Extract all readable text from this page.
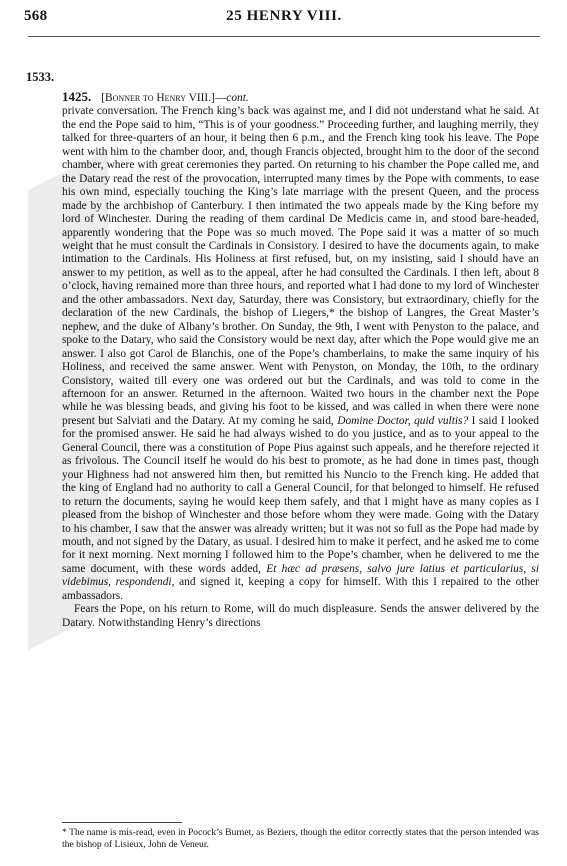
568	25 HENRY VIII.
1533.

1425. [Bonner to Henry VIII.]—cont.

private conversation. The French king’s back was against me, and I did not understand what he said. At the end the Pope said to him, “This is of your goodness.” Proceeding further, and laughing merrily, they talked for three-quarters of an hour, it being then 6 p.m., and the French king took his leave. The Pope went with him to the chamber door, and, though Francis objected, brought him to the door of the second chamber, where with great ceremonies they parted. On returning to his chamber the Pope called me, and the Datary read the rest of the provocation, interrupted many times by the Pope with comments, to ease his own mind, especially touching the King’s late marriage with the present Queen, and the process made by the archbishop of Canterbury. I then intimated the two appeals made by the King before my lord of Winchester. During the reading of them cardinal De Medicis came in, and stood bare-headed, apparently wondering that the Pope was so much moved. The Pope said it was a matter of so much weight that he must consult the Cardinals in Consistory. I desired to have the documents again, to make intimation to the Cardinals. His Holiness at first refused, but, on my insisting, said I should have an answer to my petition, as well as to the appeal, after he had consulted the Cardinals. I then left, about 8 o’clock, having remained more than three hours, and reported what I had done to my lord of Winchester and the other ambassadors. Next day, Saturday, there was Consistory, but extraordinary, chiefly for the declaration of the new Cardinals, the bishop of Liegers,* the bishop of Langres, the Great Master’s nephew, and the duke of Albany’s brother. On Sunday, the 9th, I went with Penyston to the palace, and spoke to the Datary, who said the Consistory would be next day, after which the Pope would give me an answer. I also got Carol de Blanchis, one of the Pope’s chamberlains, to make the same inquiry of his Holiness, and received the same answer. Went with Penyston, on Monday, the 10th, to the ordinary Consistory, waited till every one was ordered out but the Cardinals, and was told to come in the afternoon for an answer. Returned in the afternoon. Waited two hours in the chamber next the Pope while he was blessing beads, and giving his foot to be kissed, and was called in when there were none present but Salviati and the Datary. At my coming he said, Domine Doctor, quid vultis? I said I looked for the promised answer. He said he had always wished to do you justice, and as to your appeal to the General Council, there was a constitution of Pope Pius against such appeals, and he therefore rejected it as frivolous. The Council itself he would do his best to promote, as he had done in times past, though your Highness had not answered him then, but remitted his Nuncio to the French king. He added that the king of England had no authority to call a General Council, for that belonged to himself. He refused to return the documents, saying he would keep them safely, and that I might have as many copies as I pleased from the bishop of Winchester and those before whom they were made. Going with the Datary to his chamber, I saw that the answer was already written; but it was not so full as the Pope had made by mouth, and not signed by the Datary, as usual. I desired him to make it perfect, and he asked me to come for it next morning. Next morning I followed him to the Pope’s chamber, when he delivered to me the same document, with these words added, Et hæc ad præsens, salvo jure latius et particularius, si videbimus, respondendi, and signed it, keeping a copy for himself. With this I repaired to the other ambassadors.

Fears the Pope, on his return to Rome, will do much displeasure. Sends the answer delivered by the Datary. Notwithstanding Henry’s directions

* The name is mis-read, even in Pocock’s Burnet, as Beziers, though the editor correctly states that the person intended was the bishop of Lisieux, John de Veneur.
